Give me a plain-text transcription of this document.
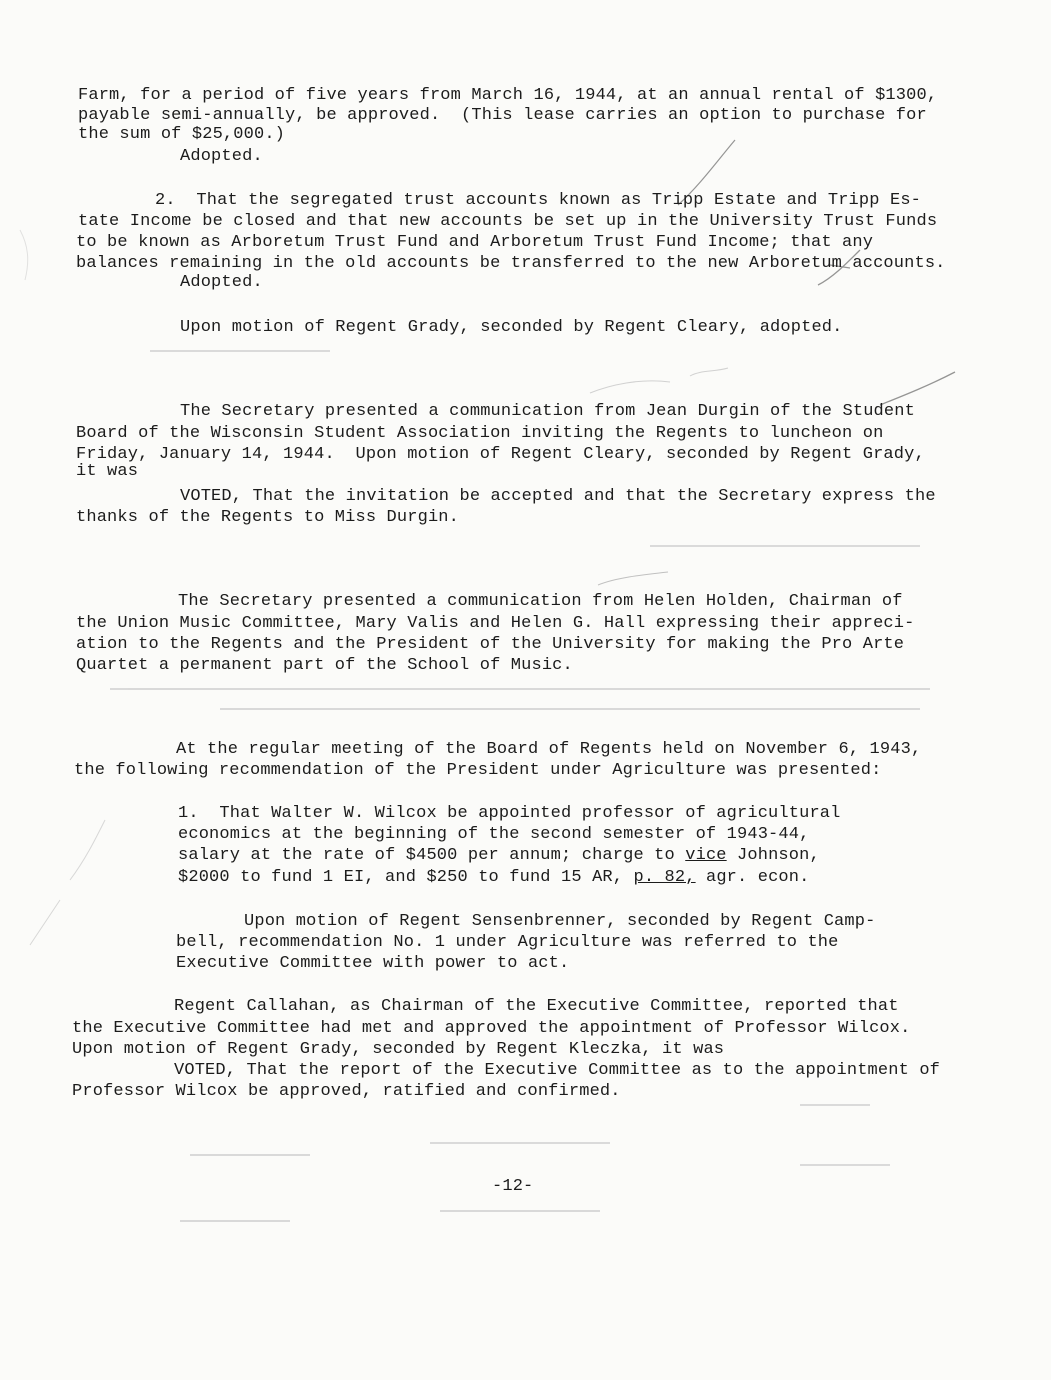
Farm, for a period of five years from March 16, 1944, at an annual rental of $1300,
payable semi-annually, be approved.  (This lease carries an option to purchase for
the sum of $25,000.)
Adopted.
2.  That the segregated trust accounts known as Tripp Estate and Tripp Es-
tate Income be closed and that new accounts be set up in the University Trust Funds
to be known as Arboretum Trust Fund and Arboretum Trust Fund Income; that any
balances remaining in the old accounts be transferred to the new Arboretum accounts.
Adopted.
Upon motion of Regent Grady, seconded by Regent Cleary, adopted.
The Secretary presented a communication from Jean Durgin of the Student
Board of the Wisconsin Student Association inviting the Regents to luncheon on
Friday, January 14, 1944.  Upon motion of Regent Cleary, seconded by Regent Grady,
it was
VOTED, That the invitation be accepted and that the Secretary express the
thanks of the Regents to Miss Durgin.
The Secretary presented a communication from Helen Holden, Chairman of
the Union Music Committee, Mary Valis and Helen G. Hall expressing their appreci-
ation to the Regents and the President of the University for making the Pro Arte
Quartet a permanent part of the School of Music.
At the regular meeting of the Board of Regents held on November 6, 1943,
the following recommendation of the President under Agriculture was presented:
1.  That Walter W. Wilcox be appointed professor of agricultural
economics at the beginning of the second semester of 1943-44,
salary at the rate of $4500 per annum; charge to vice Johnson,
$2000 to fund 1 EI, and $250 to fund 15 AR, p. 82, agr. econ.
Upon motion of Regent Sensenbrenner, seconded by Regent Camp-
bell, recommendation No. 1 under Agriculture was referred to the
Executive Committee with power to act.
Regent Callahan, as Chairman of the Executive Committee, reported that
the Executive Committee had met and approved the appointment of Professor Wilcox.
Upon motion of Regent Grady, seconded by Regent Kleczka, it was
VOTED, That the report of the Executive Committee as to the appointment of
Professor Wilcox be approved, ratified and confirmed.
-12-
